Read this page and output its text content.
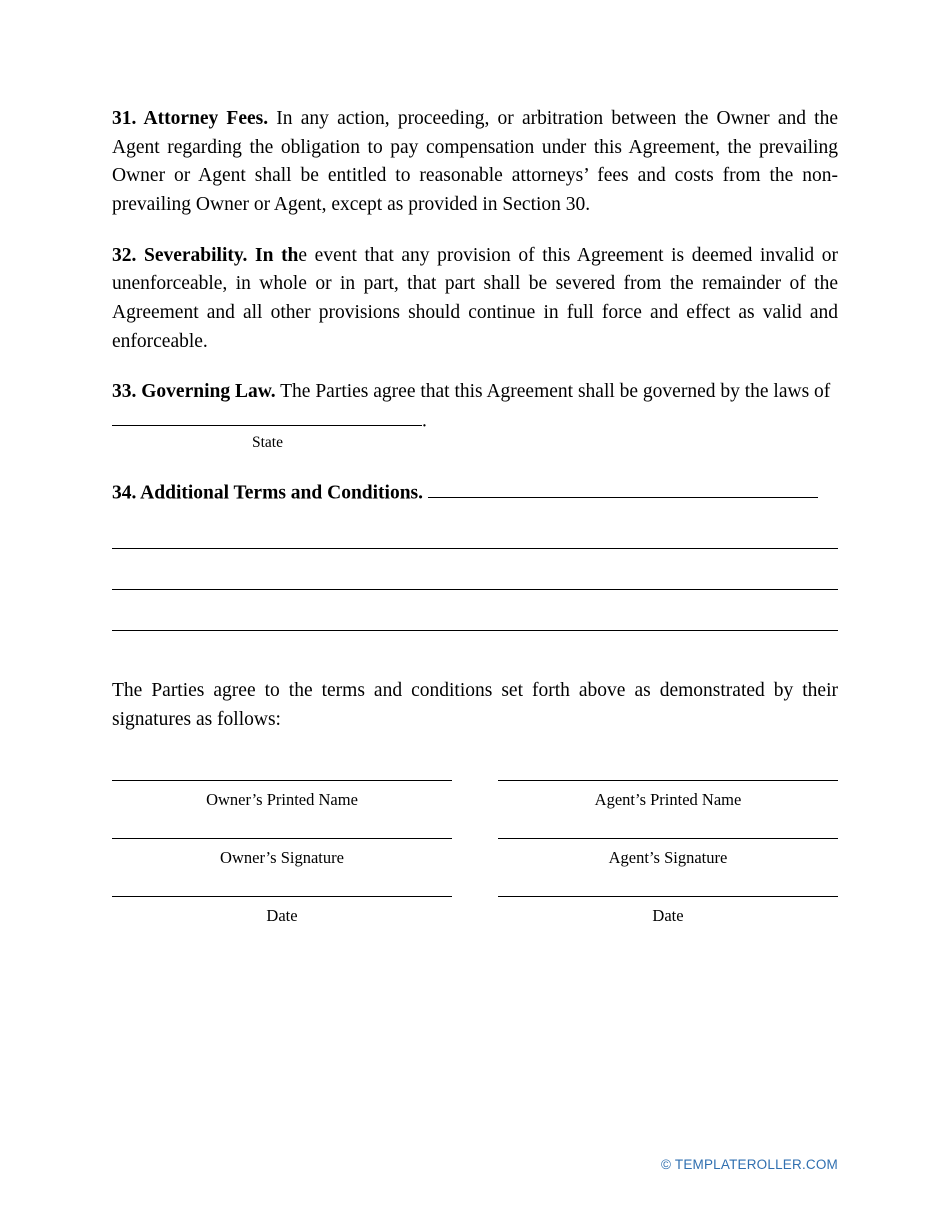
31. Attorney Fees. In any action, proceeding, or arbitration between the Owner and the Agent regarding the obligation to pay compensation under this Agreement, the prevailing Owner or Agent shall be entitled to reasonable attorneys’ fees and costs from the non-prevailing Owner or Agent, except as provided in Section 30.

32. Severability. In the event that any provision of this Agreement is deemed invalid or unenforceable, in whole or in part, that part shall be severed from the remainder of the Agreement and all other provisions should continue in full force and effect as valid and enforceable.

33. Governing Law. The Parties agree that this Agreement shall be governed by the laws of .

State

34. Additional Terms and Conditions.

The Parties agree to the terms and conditions set forth above as demonstrated by their signatures as follows:

Owner’s Printed Name	Agent’s Printed Name
Owner’s Signature	Agent’s Signature
Date	Date
© TEMPLATEROLLER.COM
